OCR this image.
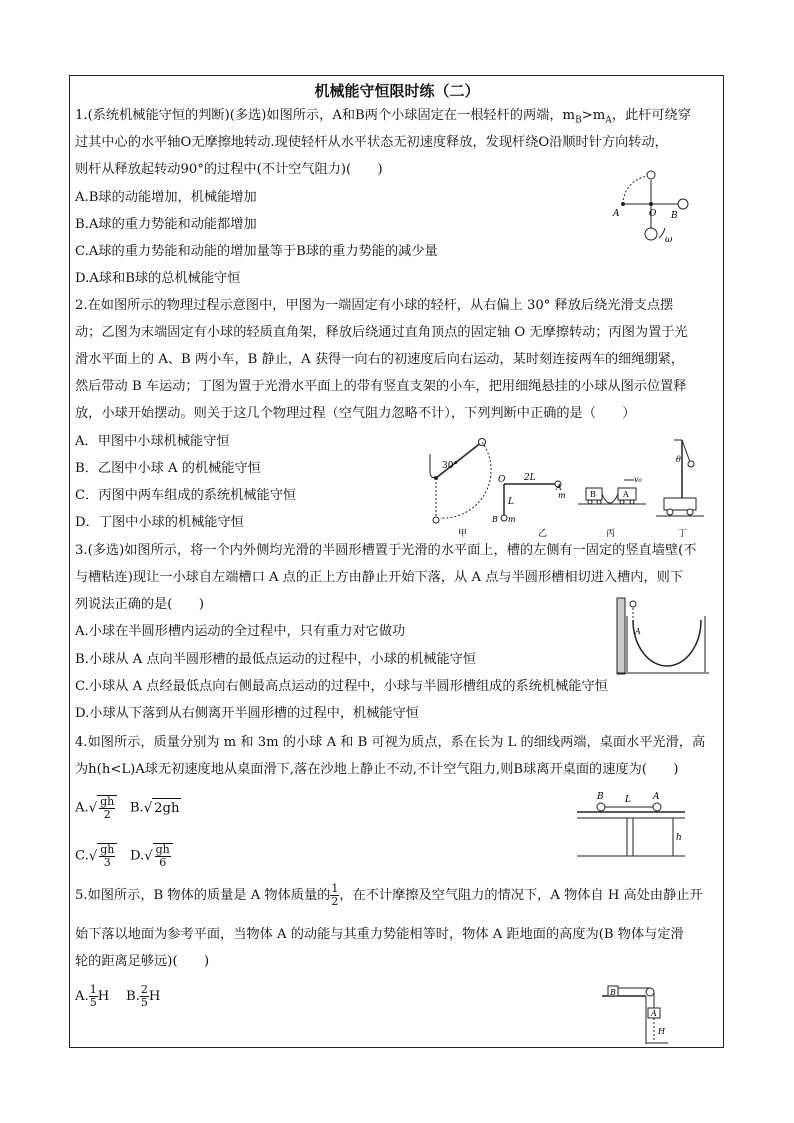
机械能守恒限时练（二）
1.(系统机械能守恒的判断)(多选)如图所示，A和B两个小球固定在一根轻杆的两端，$m_B>m_A$，此杆可绕穿
过其中心的水平轴O无摩擦地转动.现使轻杆从水平状态无初速度释放，发现杆绕O沿顺时针方向转动，
则杆从释放起转动90°的过程中(不计空气阻力)(　　)
A.B球的动能增加，机械能增加
B.A球的重力势能和动能都增加
C.A球的重力势能和动能的增加量等于B球的重力势能的减少量
D.A球和B球的总机械能守恒
A	O B
ω
2.在如图所示的物理过程示意图中，甲图为一端固定有小球的轻杆，从右偏上 30° 释放后绕光滑支点摆
动；乙图为末端固定有小球的轻质直角架，释放后绕通过直角顶点的固定轴 O 无摩擦转动；丙图为置于光
滑水平面上的 A、B 两小车，B 静止，A 获得一向右的初速度后向右运动，某时刻连接两车的细绳绷紧，
然后带动 B 车运动；丁图为置于光滑水平面上的带有竖直支架的小车，把用细绳悬挂的小球从图示位置释
放，小球开始摆动。则关于这几个物理过程（空气阻力忽略不计），下列判断中正确的是（　　）
A．甲图中小球机械能守恒
B．乙图中小球 A 的机械能守恒
C．丙图中两车组成的系统机械能守恒
D．丁图中小球的机械能守恒
30°
甲
O 2L
L
A
m
B m
乙
B	A
v₀
丙
θ
丁
3.(多选)如图所示，将一个内外侧均光滑的半圆形槽置于光滑的水平面上，槽的左侧有一固定的竖直墙壁(不
与槽粘连)现让一小球自左端槽口 A 点的正上方由静止开始下落，从 A 点与半圆形槽相切进入槽内，则下
列说法正确的是(　　)
A.小球在半圆形槽内运动的全过程中，只有重力对它做功
B.小球从 A 点向半圆形槽的最低点运动的过程中，小球的机械能守恒
C.小球从 A 点经最低点向右侧最高点运动的过程中，小球与半圆形槽组成的系统机械能守恒
D.小球从下落到从右侧离开半圆形槽的过程中，机械能守恒
A
4.如图所示，质量分别为 m 和 3m 的小球 A 和 B 可视为质点，系在长为 L 的细线两端，桌面水平光滑，高
为h(h<L)A球无初速度地从桌面滑下,落在沙地上静止不动,不计空气阻力,则B球离开桌面的速度为(　　)
$A.√ \frac{gh}{2} B.√$ 2gh
$C.√ \frac{gh}{3} D.√ \frac{gh}{6}$
B L A
h
5.如图所示，B 物体的质量是 A 物体质量的 $\frac{1}{2}$ ，在不计摩擦及空气阻力的情况下，A 物体自 H 高处由静止开
始下落以地面为参考平面，当物体 A 的动能与其重力势能相等时，物体 A 距地面的高度为(B 物体与定滑
轮的距离足够远)(　　)
A. $\frac{1}{5}$ H B. $\frac{2}{5}$ H	B
A
H
